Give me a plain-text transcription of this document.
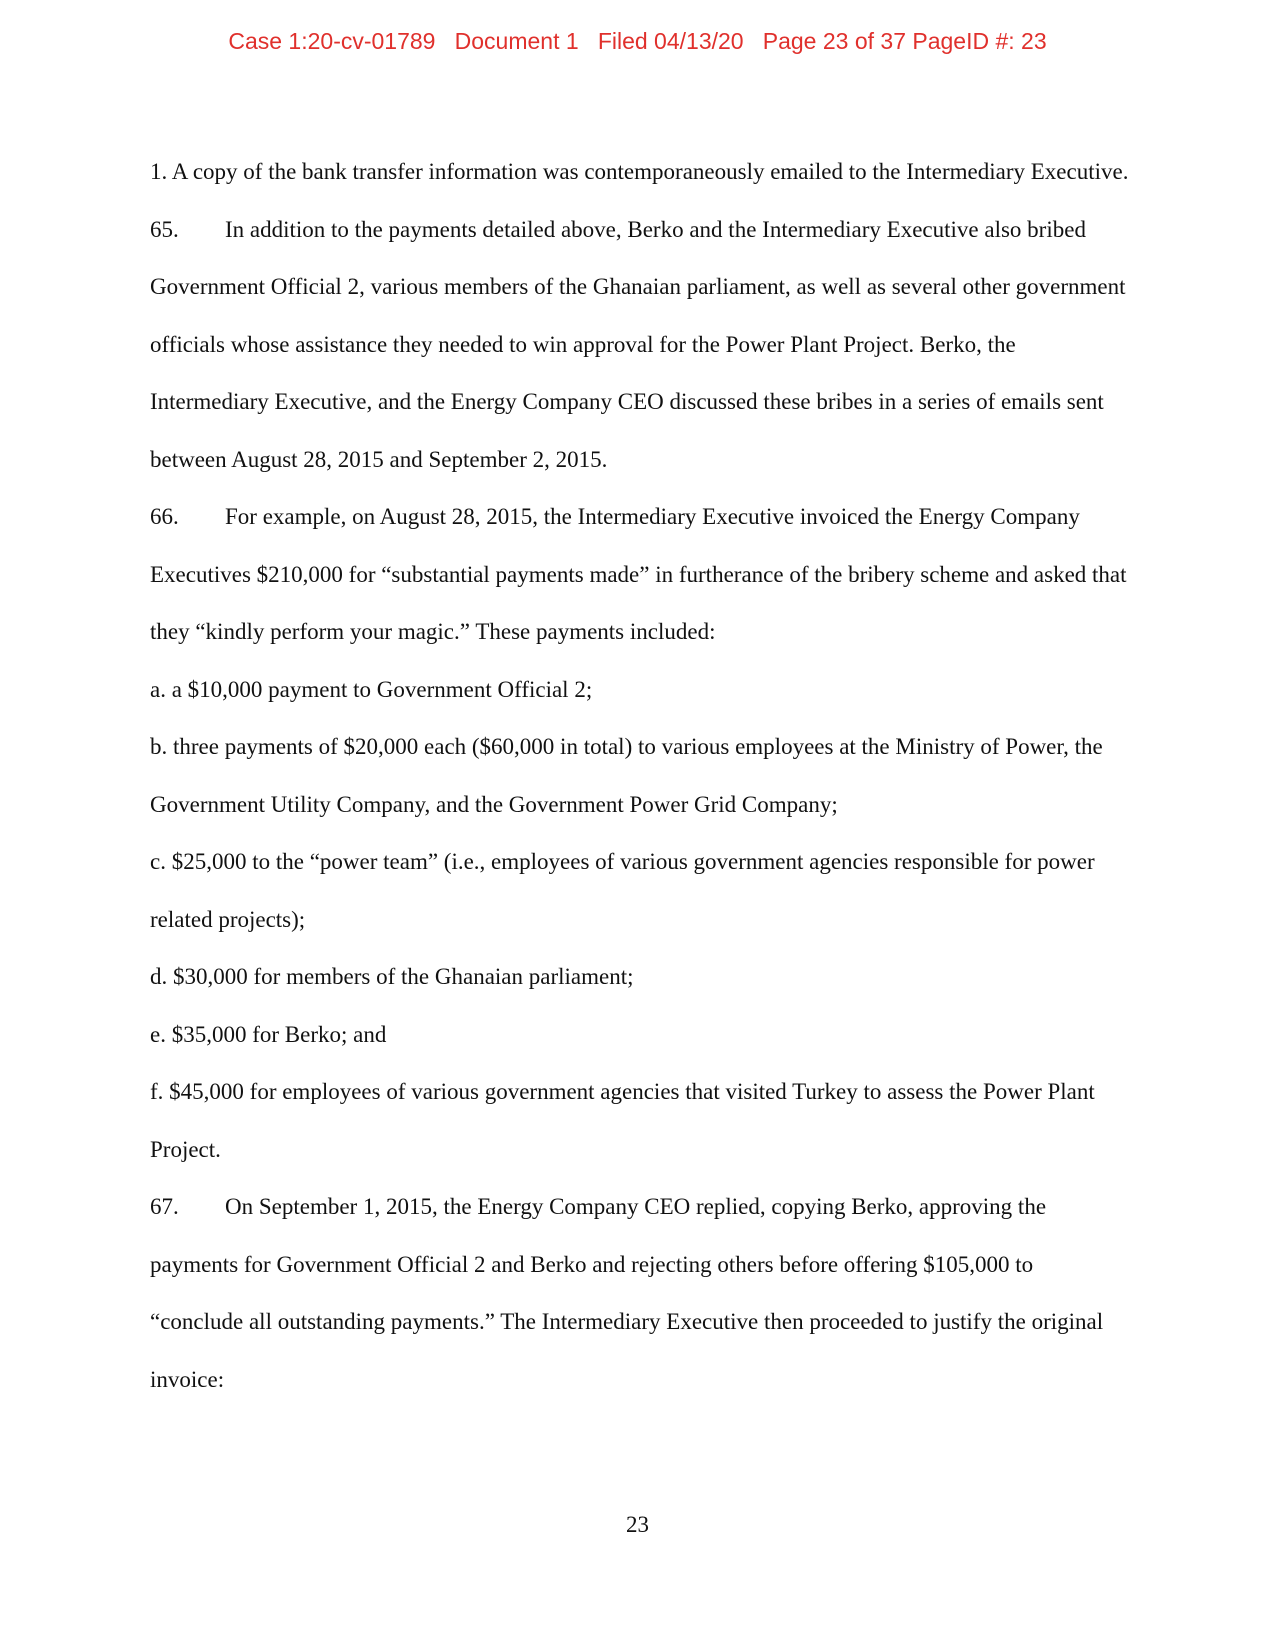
Case 1:20-cv-01789   Document 1   Filed 04/13/20   Page 23 of 37 PageID #: 23

1. A copy of the bank transfer information was contemporaneously emailed to the Intermediary Executive.

65. In addition to the payments detailed above, Berko and the Intermediary Executive also bribed Government Official 2, various members of the Ghanaian parliament, as well as several other government officials whose assistance they needed to win approval for the Power Plant Project. Berko, the Intermediary Executive, and the Energy Company CEO discussed these bribes in a series of emails sent between August 28, 2015 and September 2, 2015.

66. For example, on August 28, 2015, the Intermediary Executive invoiced the Energy Company Executives $210,000 for “substantial payments made” in furtherance of the bribery scheme and asked that they “kindly perform your magic.” These payments included:

a. a $10,000 payment to Government Official 2;

b. three payments of $20,000 each ($60,000 in total) to various employees at the Ministry of Power, the Government Utility Company, and the Government Power Grid Company;

c. $25,000 to the “power team” (i.e., employees of various government agencies responsible for power related projects);

d. $30,000 for members of the Ghanaian parliament;

e. $35,000 for Berko; and

f. $45,000 for employees of various government agencies that visited Turkey to assess the Power Plant Project.

67. On September 1, 2015, the Energy Company CEO replied, copying Berko, approving the payments for Government Official 2 and Berko and rejecting others before offering $105,000 to “conclude all outstanding payments.” The Intermediary Executive then proceeded to justify the original invoice:

23
